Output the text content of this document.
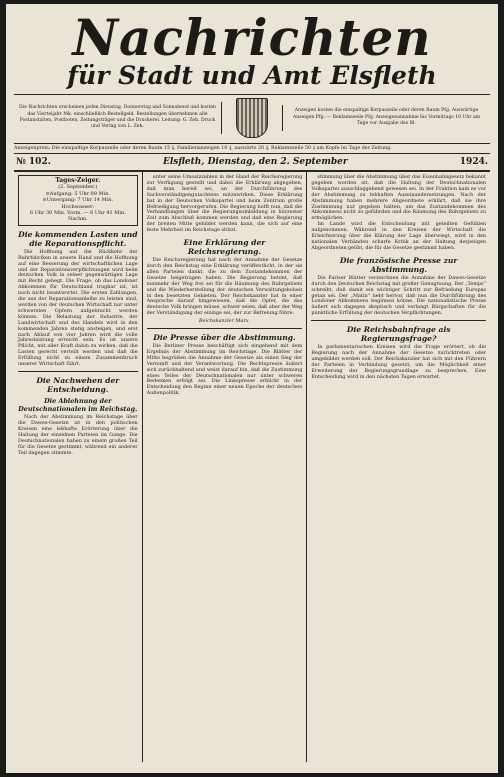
Nachrichten
für Stadt und Amt Elsfleth
Die Nachrichten erscheinen jeden Dienstag, Donnerstag und Sonnabend und kosten das Vierteljahr Mk. einschließlich Bestellgeld. Bestellungen übernehmen alle Postanstalten, Postboten, Zeitungsträger und die Druckerei. Leitung: G. Zeh. Druck und Verlag von L. Zeh.
Anzeigen kosten die einspaltige Korpuszeile oder deren Raum Pfg. Auswärtige Anzeigen Pfg. — Reklamezeile Pfg. Anzeigenannahme bis Vormittags 10 Uhr am Tage vor Ausgabe des Bl.
Anzeigenpreis: Die einspaltige Korpuszeile oder deren Raum 15 ₰, Familienanzeigen 10 ₰, auswärts 20 ₰, Reklamezeile 50 ₰ am Kopfe im Tage der Zeitung.
№ 102.	Elsfleth, Dienstag, den 2. September	1924.
Tages-Zeiger.
(2. September.)
⊙Aufgang: 5 Uhr 09 Min.
⊙Untergang: 7 Uhr 14 Min.
Hochwasser:
6 Uhr 30 Min. Vorm. — 6 Uhr 41 Min. Nachm.
Die kommenden Lasten und die Reparationspflicht.

Die Hoffnung auf die Rückkehr der Ruhrfabriken in unsere Hand und die Hoffnung auf eine Besserung der wirtschaftlichen Lage und der Reparationsverpflichtungen wird beim deutschen Volk in seiner gegenwärtigen Lage mit Recht gehegt. Die Frage, ob das Londoner Abkommen für Deutschland tragbar ist, ist noch nicht beantwortet. Die ersten Zahlungen, die aus der Reparationsanleihe zu leisten sind, werden von der deutschen Wirtschaft nur unter schwersten Opfern aufgebracht werden können. Die Belastung der Industrie, der Landwirtschaft und des Handels wird in den kommenden Jahren stetig ansteigen, und erst nach Ablauf von vier Jahren wird die volle Jahresleistung erreicht sein. Es ist unsere Pflicht, mit aller Kraft dahin zu wirken, daß die Lasten gerecht verteilt werden und daß die Erfüllung nicht zu einem Zusammenbruch unserer Wirtschaft führt.

Die Nachwehen der Entscheidung.
Die Ablehnung der Deutschnationalen im Reichstag.

Nach der Abstimmung im Reichstage über die Dawes-Gesetze ist in den politischen Kreisen eine lebhafte Erörterung über die Haltung der einzelnen Parteien im Gange. Die Deutschnationalen haben zu einem großen Teil für die Gesetze gestimmt, während ein anderer Teil dagegen stimmte.

unter seine Umsatzzahlen in der Hand der Reichsregierung zur Verfügung gestellt und dabei die Erklärung abgegeben, daß man bereit sei, an der Durchführung des Sachverständigengutachtens mitzuwirken. Diese Erklärung hat in der Deutschen Volkspartei und beim Zentrum große Befriedigung hervorgerufen. Die Regierung hofft nun, daß die Verhandlungen über die Regierungsumbildung in kürzester Zeit zum Abschluß kommen werden und daß eine Regierung der breiten Mitte gebildet werden kann, die sich auf eine feste Mehrheit im Reichstage stützt.

Eine Erklärung der Reichsregierung.

Die Reichsregierung hat nach der Annahme der Gesetze durch den Reichstag eine Erklärung veröffentlicht, in der sie allen Parteien dankt, die zu dem Zustandekommen der Gesetze beigetragen haben. Die Regierung betont, daß nunmehr der Weg frei sei für die Räumung des Ruhrgebiets und die Wiederherstellung der deutschen Verwaltungshoheit in den besetzten Gebieten. Der Reichskanzler hat in einer Ansprache darauf hingewiesen, daß die Opfer, die das deutsche Volk bringen müsse, schwer seien, daß aber der Weg der Verständigung der einzige sei, der zur Befreiung führe.

Reichskanzler Marx.
Die Presse über die Abstimmung.

Die Berliner Presse beschäftigt sich eingehend mit dem Ergebnis der Abstimmung im Reichstage. Die Blätter der Mitte begrüßen die Annahme der Gesetze als einen Sieg der Vernunft und der Verantwortung. Die Rechtspresse äußert sich zurückhaltend und weist darauf hin, daß die Zustimmung eines Teiles der Deutschnationalen nur unter schweren Bedenken erfolgt sei. Die Linkspresse erblickt in der Entscheidung den Beginn einer neuen Epoche der deutschen Außenpolitik.

stimmung über die Abstimmung über das Eisenbahngesetz bekannt gegeben worden ist, daß die Haltung der Deutschnationalen Volkspartei ausschlaggebend gewesen sei. In der Fraktion kam es vor der Abstimmung zu lebhaften Auseinandersetzungen. Nach der Abstimmung haben mehrere Abgeordnete erklärt, daß sie ihre Zustimmung nur gegeben hätten, um das Zustandekommen des Abkommens nicht zu gefährden und die Räumung des Ruhrgebiets zu ermöglichen.

Im Lande wird die Entscheidung mit geteilten Gefühlen aufgenommen. Während in den Kreisen der Wirtschaft die Erleichterung über die Klärung der Lage überwiegt, wird in den nationalen Verbänden scharfe Kritik an der Haltung derjenigen Abgeordneten geübt, die für die Gesetze gestimmt haben.

Die französische Presse zur Abstimmung.

Die Pariser Blätter verzeichnen die Annahme der Dawes-Gesetze durch den Deutschen Reichstag mit großer Genugtuung. Der „Temps“ schreibt, daß damit ein wichtiger Schritt zur Befriedung Europas getan sei. Der „Matin“ hebt hervor, daß nun die Durchführung des Londoner Abkommens beginnen könne. Die nationalistische Presse äußert sich dagegen skeptisch und verlangt Bürgschaften für die pünktliche Erfüllung der deutschen Verpflichtungen.

Die Reichsbahnfrage als Regierungsfrage?

In parlamentarischen Kreisen wird die Frage erörtert, ob die Regierung nach der Annahme der Gesetze zurücktreten oder umgebildet werden soll. Der Reichskanzler hat sich mit den Führern der Parteien in Verbindung gesetzt, um die Möglichkeit einer Erweiterung der Regierungsgrundlage zu besprechen. Eine Entscheidung wird in den nächsten Tagen erwartet.
